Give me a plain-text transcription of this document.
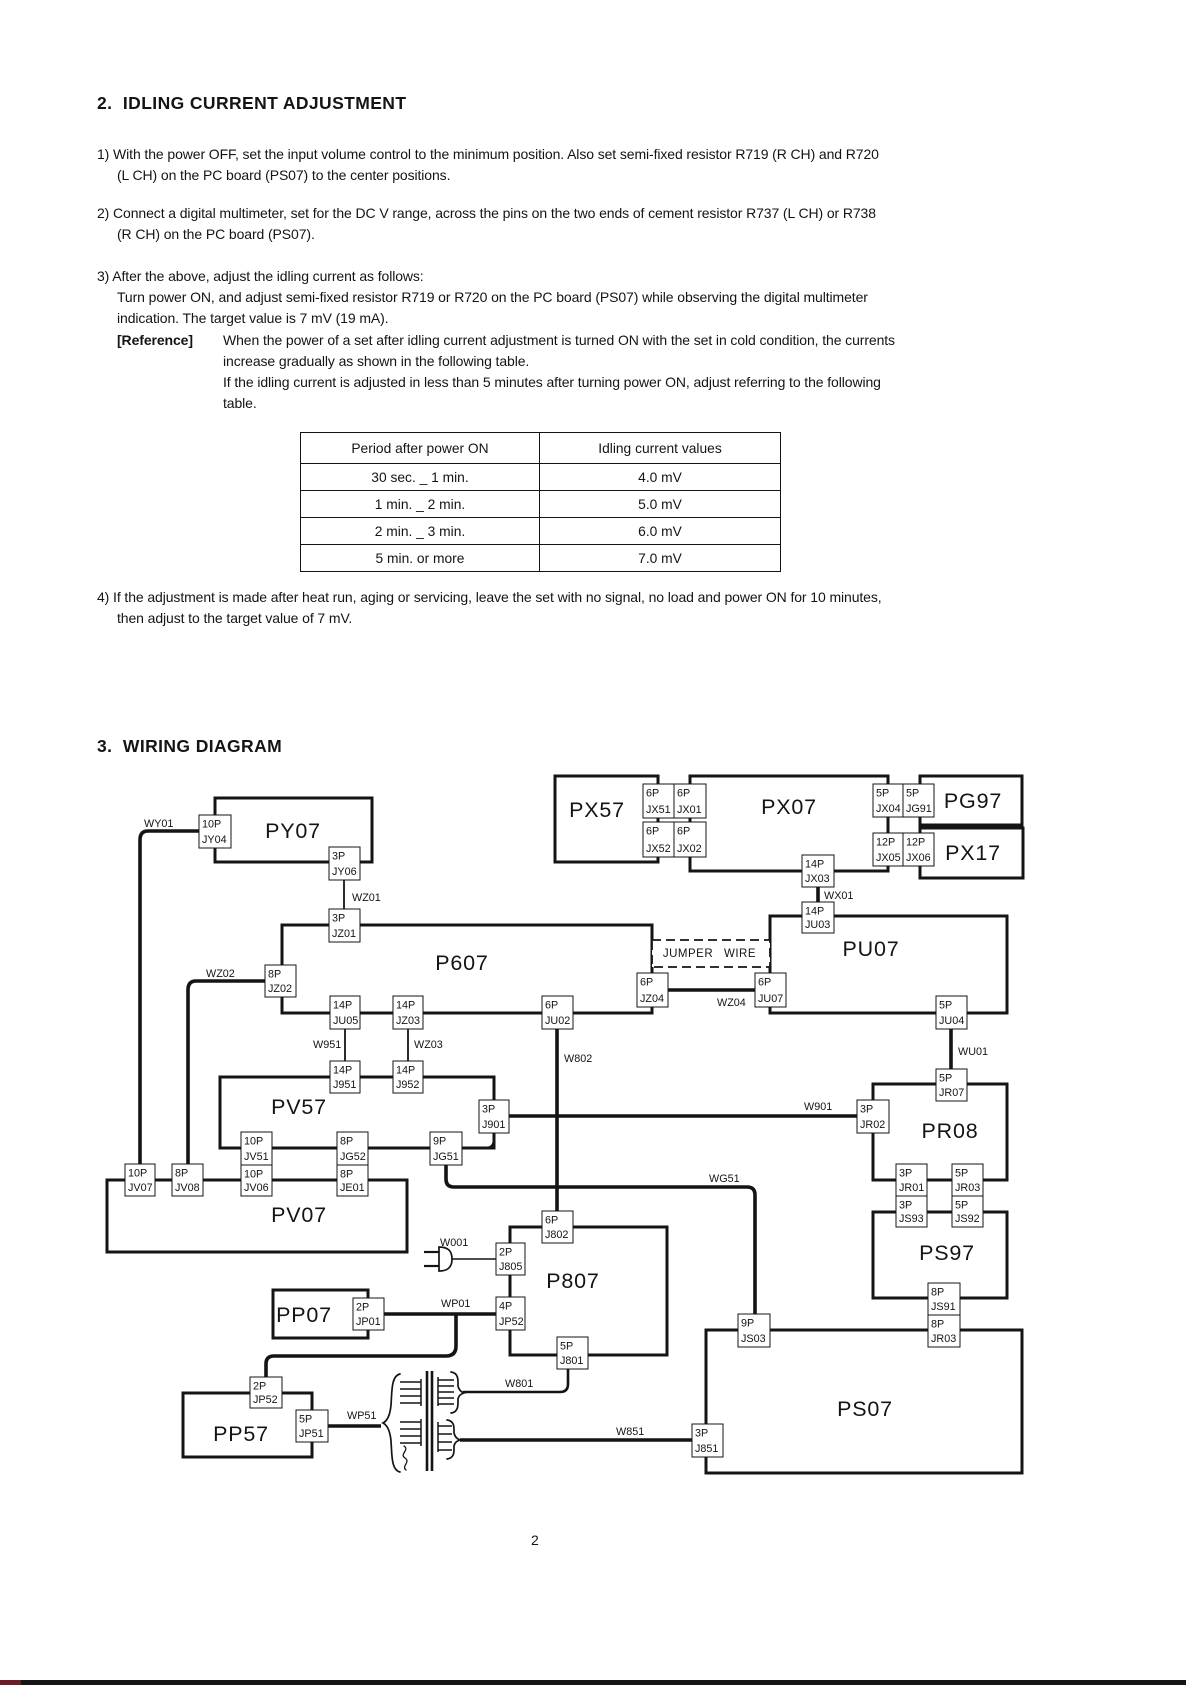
2.  IDLING CURRENT ADJUSTMENT
1) With the power OFF, set the input volume control to the minimum position. Also set semi-fixed resistor R719 (R CH) and R720
(L CH) on the PC board (PS07) to the center positions.
2) Connect a digital multimeter, set for the DC V range, across the pins on the two ends of cement resistor R737 (L CH) or R738
(R CH) on the PC board (PS07).
3) After the above, adjust the idling current as follows:
Turn power ON, and adjust semi-fixed resistor R719 or R720 on the PC board (PS07) while observing the digital multimeter
indication. The target value is 7 mV (19 mA).
[Reference] When the power of a set after idling current adjustment is turned ON with the set in cold condition, the currents
increase gradually as shown in the following table.
If the idling current is adjusted in less than 5 minutes after turning power ON, adjust referring to the following
table.
4) If the adjustment is made after heat run, aging or servicing, leave the set with no signal, no load and power ON for 10 minutes,
then adjust to the target value of 7 mV.
3.  WIRING DIAGRAM
2
Period after power ON	Idling current values
30 sec. _ 1 min.	4.0 mV
1 min. _ 2 min.	5.0 mV
2 min. _ 3 min.	6.0 mV
5 min. or more	7.0 mV
PY07
PX57	PX07	PG97
PX17
P607
PU07
PV57
PV07
P807
PP07
PP57
PR08
PS97
PS07
JUMPER WIRE
10P
JY04
3P
JY06
3P
JZ01
8P
JZ02
6P
JX51
6P
JX01
6P
JX52
6P
JX02
5P
JX04
5P
JG91
12P
JX05
12P
JX06
14P
JX03
14P
JU03
6P
JZ04
6P
JU07
14P
JU05
14P
JZ03
6P
JU02
5P
JU04
14P
J951
14P
J952
3P
J901
5P
JR07
3P
JR02
3P
JR01
5P
JR03
3P
JS93
5P
JS92
10P
JV51
8P
JG52
9P
JG51
10P
JV06
8P
JE01
10P
JV07
8P
JV08
6P
J802
2P
J805
4P
JP52
2P
JP01
5P
J801
2P
JP52
5P
JP51
9P
JS03
8P
JS91
8P
JR03
3P
J851
WY01
WZ01
WZ02
WX01
WZ04
W951	WZ03
W802
WU01
W901
WG51
W001
WP01
W801
WP51
W851
